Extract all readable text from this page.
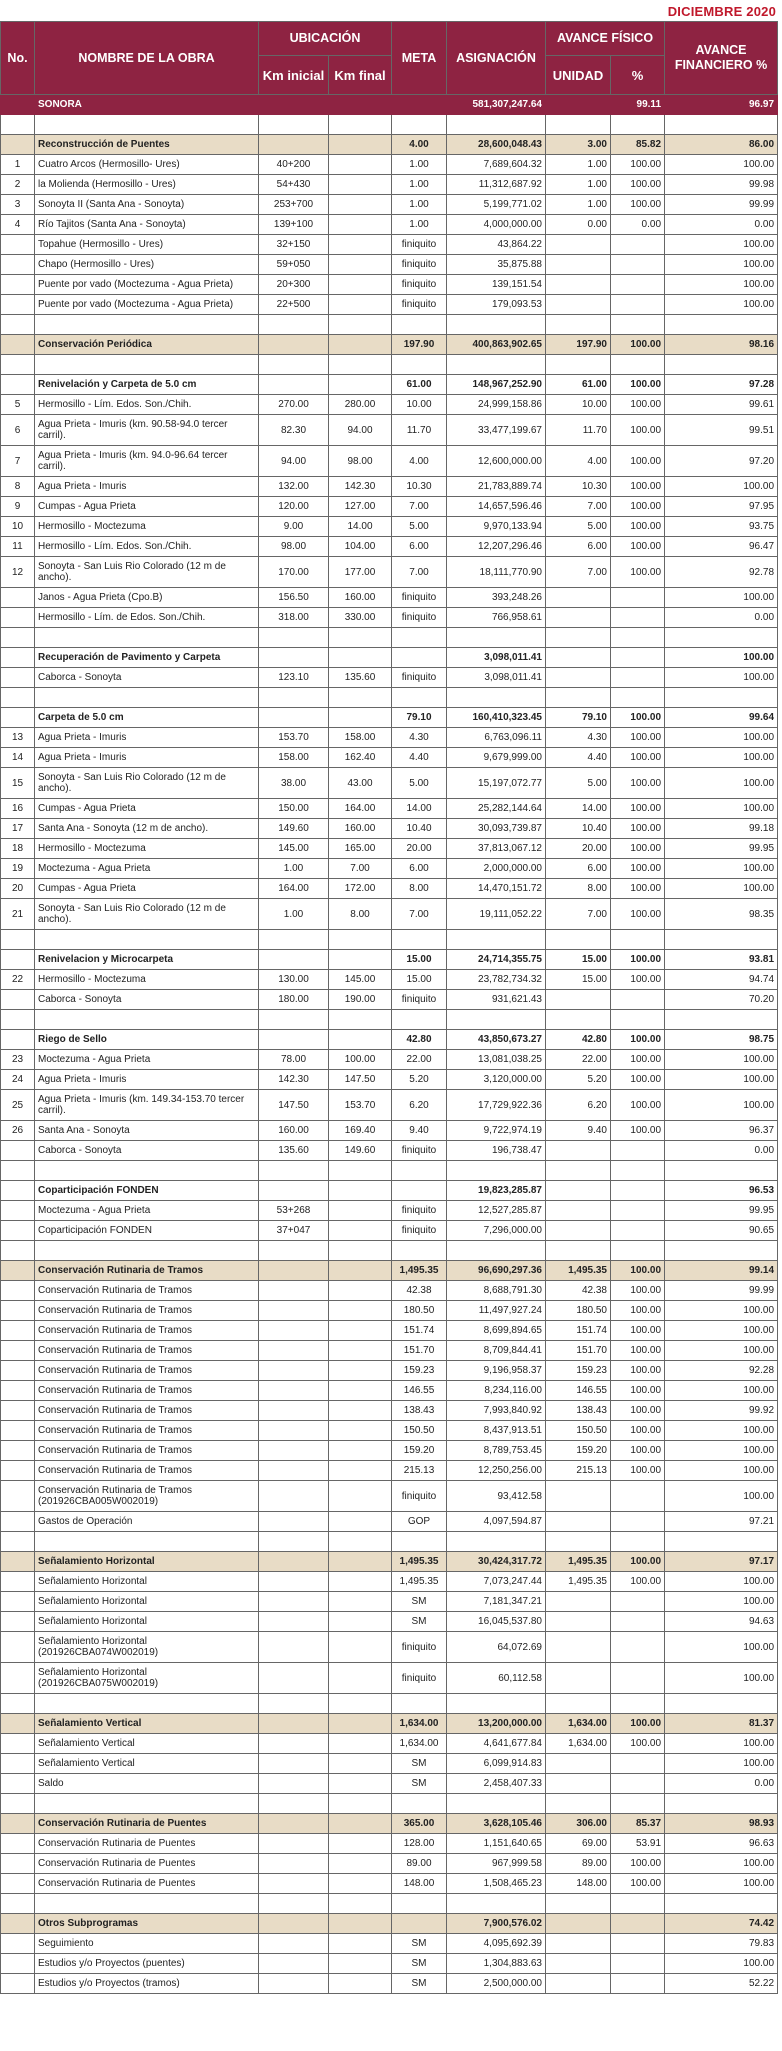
DICIEMBRE 2020
No.	NOMBRE DE LA OBRA	UBICACIÓN		META	ASIGNACIÓN	AVANCE FÍSICO		AVANCE FINANCIERO %
		Km inicial	Km final			UNIDAD	%	
	SONORA				581,307,247.64		99.11	96.97

	Reconstrucción de Puentes			4.00	28,600,048.43	3.00	85.82	86.00
1	Cuatro Arcos (Hermosillo- Ures)	40+200		1.00	7,689,604.32	1.00	100.00	100.00
2	la Molienda (Hermosillo - Ures)	54+430		1.00	11,312,687.92	1.00	100.00	99.98
3	Sonoyta II (Santa Ana - Sonoyta)	253+700		1.00	5,199,771.02	1.00	100.00	99.99
4	Río Tajitos (Santa Ana - Sonoyta)	139+100		1.00	4,000,000.00	0.00	0.00	0.00
	Topahue (Hermosillo - Ures)	32+150		finiquito	43,864.22			100.00
	Chapo (Hermosillo - Ures)	59+050		finiquito	35,875.88			100.00
	Puente por vado (Moctezuma - Agua Prieta)	20+300		finiquito	139,151.54			100.00
	Puente por vado (Moctezuma - Agua Prieta)	22+500		finiquito	179,093.53			100.00

	Conservación Periódica			197.90	400,863,902.65	197.90	100.00	98.16

	Renivelación y Carpeta de 5.0 cm			61.00	148,967,252.90	61.00	100.00	97.28
5	Hermosillo - Lím. Edos. Son./Chih.	270.00	280.00	10.00	24,999,158.86	10.00	100.00	99.61
6	Agua Prieta - Imuris (km. 90.58-94.0 tercer carril).	82.30	94.00	11.70	33,477,199.67	11.70	100.00	99.51
7	Agua Prieta - Imuris (km. 94.0-96.64 tercer carril).	94.00	98.00	4.00	12,600,000.00	4.00	100.00	97.20
8	Agua Prieta - Imuris	132.00	142.30	10.30	21,783,889.74	10.30	100.00	100.00
9	Cumpas - Agua Prieta	120.00	127.00	7.00	14,657,596.46	7.00	100.00	97.95
10	Hermosillo - Moctezuma	9.00	14.00	5.00	9,970,133.94	5.00	100.00	93.75
11	Hermosillo - Lím. Edos. Son./Chih.	98.00	104.00	6.00	12,207,296.46	6.00	100.00	96.47
12	Sonoyta - San Luis Rio Colorado (12 m de ancho).	170.00	177.00	7.00	18,111,770.90	7.00	100.00	92.78
	Janos - Agua Prieta (Cpo.B)	156.50	160.00	finiquito	393,248.26			100.00
	Hermosillo - Lím. de Edos. Son./Chih.	318.00	330.00	finiquito	766,958.61			0.00

	Recuperación de Pavimento y Carpeta				3,098,011.41			100.00
	Caborca - Sonoyta	123.10	135.60	finiquito	3,098,011.41			100.00

	Carpeta de 5.0 cm			79.10	160,410,323.45	79.10	100.00	99.64
13	Agua Prieta - Imuris	153.70	158.00	4.30	6,763,096.11	4.30	100.00	100.00
14	Agua Prieta - Imuris	158.00	162.40	4.40	9,679,999.00	4.40	100.00	100.00
15	Sonoyta - San Luis Rio Colorado (12 m de ancho).	38.00	43.00	5.00	15,197,072.77	5.00	100.00	100.00
16	Cumpas - Agua Prieta	150.00	164.00	14.00	25,282,144.64	14.00	100.00	100.00
17	Santa Ana - Sonoyta (12 m de ancho).	149.60	160.00	10.40	30,093,739.87	10.40	100.00	99.18
18	Hermosillo - Moctezuma	145.00	165.00	20.00	37,813,067.12	20.00	100.00	99.95
19	Moctezuma - Agua Prieta	1.00	7.00	6.00	2,000,000.00	6.00	100.00	100.00
20	Cumpas - Agua Prieta	164.00	172.00	8.00	14,470,151.72	8.00	100.00	100.00
21	Sonoyta - San Luis Rio Colorado (12 m de ancho).	1.00	8.00	7.00	19,111,052.22	7.00	100.00	98.35

	Renivelacion y Microcarpeta			15.00	24,714,355.75	15.00	100.00	93.81
22	Hermosillo - Moctezuma	130.00	145.00	15.00	23,782,734.32	15.00	100.00	94.74
	Caborca - Sonoyta	180.00	190.00	finiquito	931,621.43			70.20

	Riego de Sello			42.80	43,850,673.27	42.80	100.00	98.75
23	Moctezuma - Agua Prieta	78.00	100.00	22.00	13,081,038.25	22.00	100.00	100.00
24	Agua Prieta - Imuris	142.30	147.50	5.20	3,120,000.00	5.20	100.00	100.00
25	Agua Prieta - Imuris (km. 149.34-153.70 tercer carril).	147.50	153.70	6.20	17,729,922.36	6.20	100.00	100.00
26	Santa Ana - Sonoyta	160.00	169.40	9.40	9,722,974.19	9.40	100.00	96.37
	Caborca - Sonoyta	135.60	149.60	finiquito	196,738.47			0.00

	Coparticipación FONDEN				19,823,285.87			96.53
	Moctezuma - Agua Prieta	53+268		finiquito	12,527,285.87			99.95
	Coparticipación FONDEN	37+047		finiquito	7,296,000.00			90.65

	Conservación Rutinaria de Tramos			1,495.35	96,690,297.36	1,495.35	100.00	99.14
	Conservación Rutinaria de Tramos			42.38	8,688,791.30	42.38	100.00	99.99
	Conservación Rutinaria de Tramos			180.50	11,497,927.24	180.50	100.00	100.00
	Conservación Rutinaria de Tramos			151.74	8,699,894.65	151.74	100.00	100.00
	Conservación Rutinaria de Tramos			151.70	8,709,844.41	151.70	100.00	100.00
	Conservación Rutinaria de Tramos			159.23	9,196,958.37	159.23	100.00	92.28
	Conservación Rutinaria de Tramos			146.55	8,234,116.00	146.55	100.00	100.00
	Conservación Rutinaria de Tramos			138.43	7,993,840.92	138.43	100.00	99.92
	Conservación Rutinaria de Tramos			150.50	8,437,913.51	150.50	100.00	100.00
	Conservación Rutinaria de Tramos			159.20	8,789,753.45	159.20	100.00	100.00
	Conservación Rutinaria de Tramos			215.13	12,250,256.00	215.13	100.00	100.00
	Conservación Rutinaria de Tramos (201926CBA005W002019)			finiquito	93,412.58			100.00
	Gastos de Operación			GOP	4,097,594.87			97.21

	Señalamiento Horizontal			1,495.35	30,424,317.72	1,495.35	100.00	97.17
	Señalamiento Horizontal			1,495.35	7,073,247.44	1,495.35	100.00	100.00
	Señalamiento Horizontal			SM	7,181,347.21			100.00
	Señalamiento Horizontal			SM	16,045,537.80			94.63
	Señalamiento Horizontal (201926CBA074W002019)			finiquito	64,072.69			100.00
	Señalamiento Horizontal (201926CBA075W002019)			finiquito	60,112.58			100.00

	Señalamiento Vertical			1,634.00	13,200,000.00	1,634.00	100.00	81.37
	Señalamiento Vertical			1,634.00	4,641,677.84	1,634.00	100.00	100.00
	Señalamiento Vertical			SM	6,099,914.83			100.00
	Saldo			SM	2,458,407.33			0.00

	Conservación Rutinaria de Puentes			365.00	3,628,105.46	306.00	85.37	98.93
	Conservación Rutinaria de Puentes			128.00	1,151,640.65	69.00	53.91	96.63
	Conservación Rutinaria de Puentes			89.00	967,999.58	89.00	100.00	100.00
	Conservación Rutinaria de Puentes			148.00	1,508,465.23	148.00	100.00	100.00

	Otros Subprogramas				7,900,576.02			74.42
	Seguimiento			SM	4,095,692.39			79.83
	Estudios y/o Proyectos (puentes)			SM	1,304,883.63			100.00
	Estudios y/o Proyectos (tramos)			SM	2,500,000.00			52.22
